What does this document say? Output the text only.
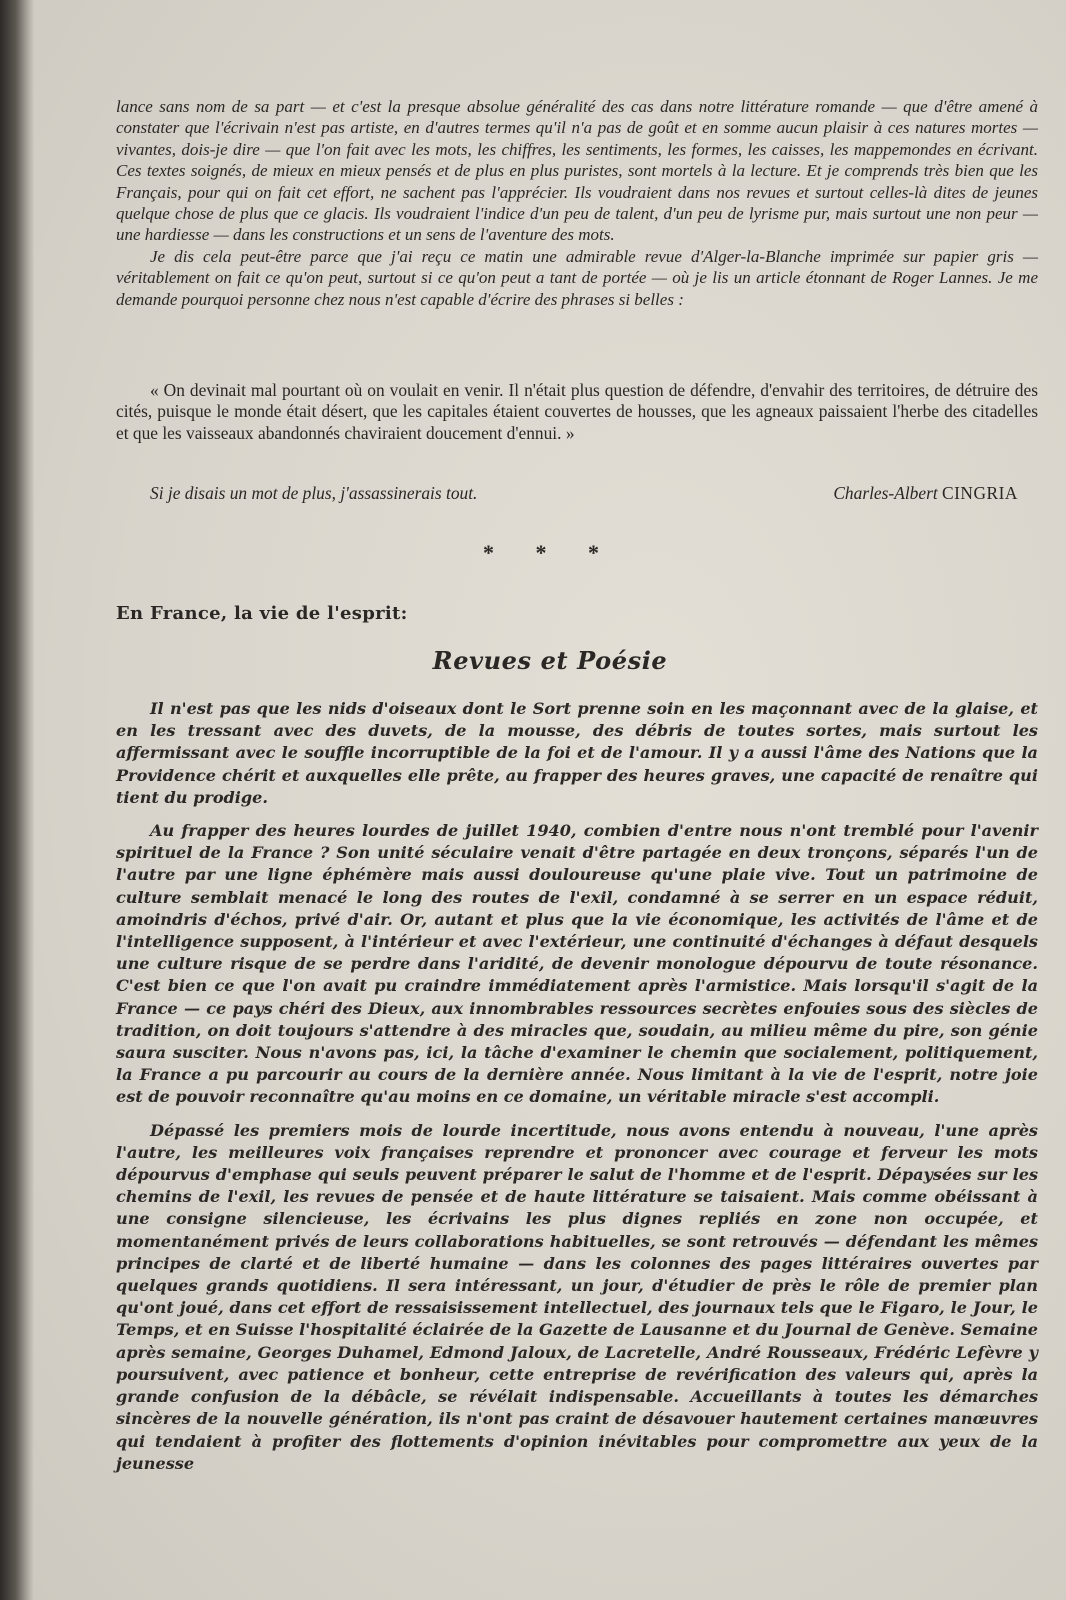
lance sans nom de sa part — et c'est la presque absolue généralité des cas dans notre littérature romande — que d'être amené à constater que l'écrivain n'est pas artiste, en d'autres termes qu'il n'a pas de goût et en somme aucun plaisir à ces natures mortes — vivantes, dois-je dire — que l'on fait avec les mots, les chiffres, les sentiments, les formes, les caisses, les mappemondes en écrivant. Ces textes soignés, de mieux en mieux pensés et de plus en plus puristes, sont mortels à la lecture. Et je comprends très bien que les Français, pour qui on fait cet effort, ne sachent pas l'apprécier. Ils voudraient dans nos revues et surtout celles-là dites de jeunes quelque chose de plus que ce glacis. Ils voudraient l'indice d'un peu de talent, d'un peu de lyrisme pur, mais surtout une non peur — une hardiesse — dans les constructions et un sens de l'aventure des mots.

Je dis cela peut-être parce que j'ai reçu ce matin une admirable revue d'Alger-la-Blanche imprimée sur papier gris — véritablement on fait ce qu'on peut, surtout si ce qu'on peut a tant de portée — où je lis un article étonnant de Roger Lannes. Je me demande pourquoi personne chez nous n'est capable d'écrire des phrases si belles :

« On devinait mal pourtant où on voulait en venir. Il n'était plus question de défendre, d'envahir des territoires, de détruire des cités, puisque le monde était désert, que les capitales étaient couvertes de housses, que les agneaux paissaient l'herbe des citadelles et que les vaisseaux abandonnés chaviraient doucement d'ennui. »

Si je disais un mot de plus, j'assassinerais tout.	Charles-Albert CINGRIA
* * *
En France, la vie de l'esprit:
Revues et Poésie

Il n'est pas que les nids d'oiseaux dont le Sort prenne soin en les maçonnant avec de la glaise, et en les tressant avec des duvets, de la mousse, des débris de toutes sortes, mais surtout les affermissant avec le souffle incorruptible de la foi et de l'amour. Il y a aussi l'âme des Nations que la Providence chérit et auxquelles elle prête, au frapper des heures graves, une capacité de renaître qui tient du prodige.

Au frapper des heures lourdes de juillet 1940, combien d'entre nous n'ont tremblé pour l'avenir spirituel de la France ? Son unité séculaire venait d'être partagée en deux tronçons, séparés l'un de l'autre par une ligne éphémère mais aussi douloureuse qu'une plaie vive. Tout un patrimoine de culture semblait menacé le long des routes de l'exil, condamné à se serrer en un espace réduit, amoindris d'échos, privé d'air. Or, autant et plus que la vie économique, les activités de l'âme et de l'intelligence supposent, à l'intérieur et avec l'extérieur, une continuité d'échanges à défaut desquels une culture risque de se perdre dans l'aridité, de devenir monologue dépourvu de toute résonance. C'est bien ce que l'on avait pu craindre immédiatement après l'armistice. Mais lorsqu'il s'agit de la France — ce pays chéri des Dieux, aux innombrables ressources secrètes enfouies sous des siècles de tradition, on doit toujours s'attendre à des miracles que, soudain, au milieu même du pire, son génie saura susciter. Nous n'avons pas, ici, la tâche d'examiner le chemin que socialement, politiquement, la France a pu parcourir au cours de la dernière année. Nous limitant à la vie de l'esprit, notre joie est de pouvoir reconnaître qu'au moins en ce domaine, un véritable miracle s'est accompli.

Dépassé les premiers mois de lourde incertitude, nous avons entendu à nouveau, l'une après l'autre, les meilleures voix françaises reprendre et prononcer avec courage et ferveur les mots dépourvus d'emphase qui seuls peuvent préparer le salut de l'homme et de l'esprit. Dépaysées sur les chemins de l'exil, les revues de pensée et de haute littérature se taisaient. Mais comme obéissant à une consigne silencieuse, les écrivains les plus dignes repliés en zone non occupée, et momentanément privés de leurs collaborations habituelles, se sont retrouvés — défendant les mêmes principes de clarté et de liberté humaine — dans les colonnes des pages littéraires ouvertes par quelques grands quotidiens. Il sera intéressant, un jour, d'étudier de près le rôle de premier plan qu'ont joué, dans cet effort de ressaisissement intellectuel, des journaux tels que le Figaro, le Jour, le Temps, et en Suisse l'hospitalité éclairée de la Gazette de Lausanne et du Journal de Genève. Semaine après semaine, Georges Duhamel, Edmond Jaloux, de Lacretelle, André Rousseaux, Frédéric Lefèvre y poursuivent, avec patience et bonheur, cette entreprise de revérification des valeurs qui, après la grande confusion de la débâcle, se révélait indispensable. Accueillants à toutes les démarches sincères de la nouvelle génération, ils n'ont pas craint de désavouer hautement certaines manœuvres qui tendaient à profiter des flottements d'opinion inévitables pour compromettre aux yeux de la jeunesse
